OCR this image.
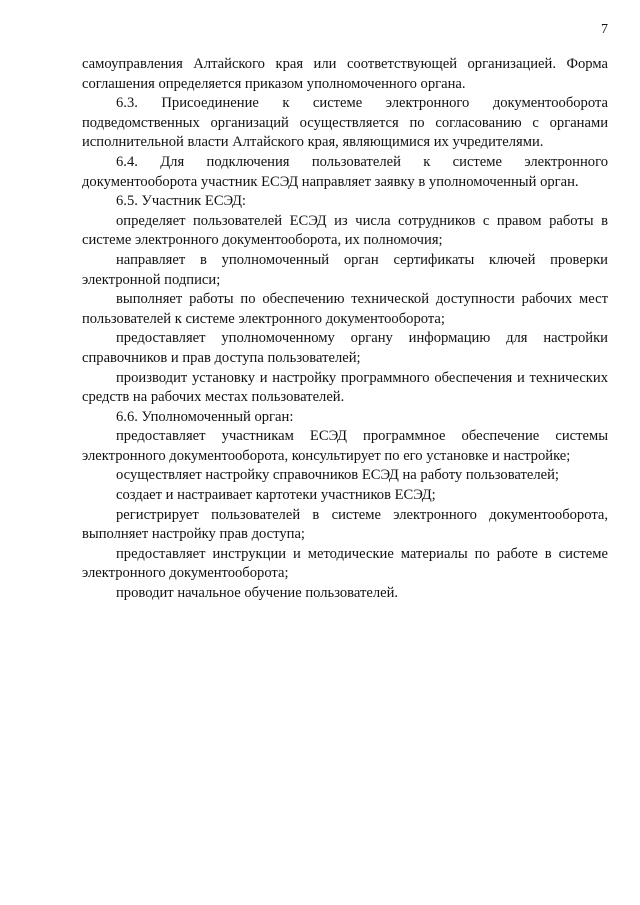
7

самоуправления Алтайского края или соответствующей организацией. Форма соглашения определяется приказом уполномоченного органа.

6.3. Присоединение к системе электронного документооборота подведомственных организаций осуществляется по согласованию с органами исполнительной власти Алтайского края, являющимися их учредителями.

6.4. Для подключения пользователей к системе электронного документооборота участник ЕСЭД направляет заявку в уполномоченный орган.

6.5. Участник ЕСЭД:

определяет пользователей ЕСЭД из числа сотрудников с правом работы в системе электронного документооборота, их полномочия;

направляет в уполномоченный орган сертификаты ключей проверки электронной подписи;

выполняет работы по обеспечению технической доступности рабочих мест пользователей к системе электронного документооборота;

предоставляет уполномоченному органу информацию для настройки справочников и прав доступа пользователей;

производит установку и настройку программного обеспечения и технических средств на рабочих местах пользователей.

6.6. Уполномоченный орган:

предоставляет участникам ЕСЭД программное обеспечение системы электронного документооборота, консультирует по его установке и настройке;

осуществляет настройку справочников ЕСЭД на работу пользователей;

создает и настраивает картотеки участников ЕСЭД;

регистрирует пользователей в системе электронного документооборота, выполняет настройку прав доступа;

предоставляет инструкции и методические материалы по работе в системе электронного документооборота;

проводит начальное обучение пользователей.
